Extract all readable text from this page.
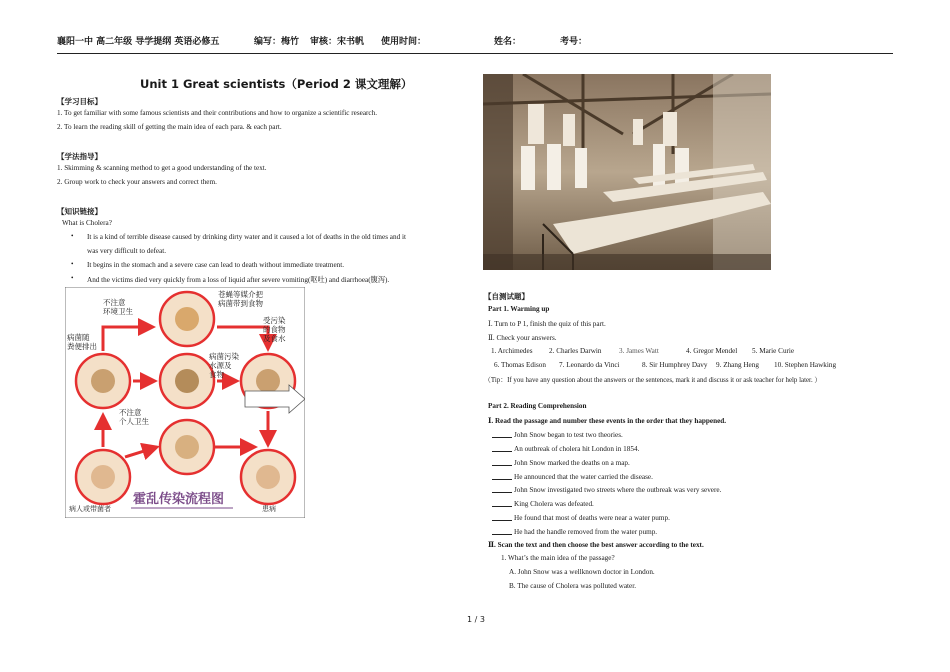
襄阳一中 高二年级 导学提纲 英语必修五	编写：梅竹 审核：宋书帆 使用时间：	姓名：	考号：
Unit 1 Great scientists（Period 2 课文理解）
【学习目标】
1. To get familiar with some famous scientists and their contributions and how to organize a scientific research.
2. To learn the reading skill of getting the main idea of each para. & each part.
【学法指导】
1. Skimming & scanning method to get a good understanding of the text.
2. Group work to check your answers and correct them.
【知识链接】
What is Cholera?
• It is a kind of terrible disease caused by drinking dirty water and it caused a lot of deaths in the old times and it
was very difficult to defeat.
• It begins in the stomach and a severe case can lead to death without immediate treatment.
• And the victims died very quickly from a loss of liquid after severe vomiting(呕吐) and diarrhoea(腹泻).
不注意环境卫生
苍蝇等媒介把病菌带到食物
病菌随粪便排出
病菌污染水源及食物
受污染的食物及食水
不注意个人卫生
病人或带菌者	患病
霍乱传染流程图
【自测试题】
Part 1. Warming up
Ⅰ. Turn to P 1, finish the quiz of this part.
Ⅱ. Check your answers.
1. Archimedes 2. Charles Darwin 3. James Watt	4. Gregor Mendel 5. Marie Curie
6. Thomas Edison 7. Leonardo da Vinci	8. Sir Humphrey Davy 9. Zhang Heng 10. Stephen Hawking
（Tip：If you have any question about the answers or the sentences, mark it and discuss it or ask teacher for help later. ）
Part 2. Reading Comprehension
Ⅰ. Read the passage and number these events in the order that they happened.
John Snow began to test two theories.
An outbreak of cholera hit London in 1854.
John Snow marked the deaths on a map.
He announced that the water carried the disease.
John Snow investigated two streets where the outbreak was very severe.
King Cholera was defeated.
He found that most of deaths were near a water pump.
He had the handle removed from the water pump.
Ⅱ. Scan the text and then choose the best answer according to the text.
1. What’s the main idea of the passage?
A. John Snow was a wellknown doctor in London.
B. The cause of Cholera was polluted water.
1 / 3
